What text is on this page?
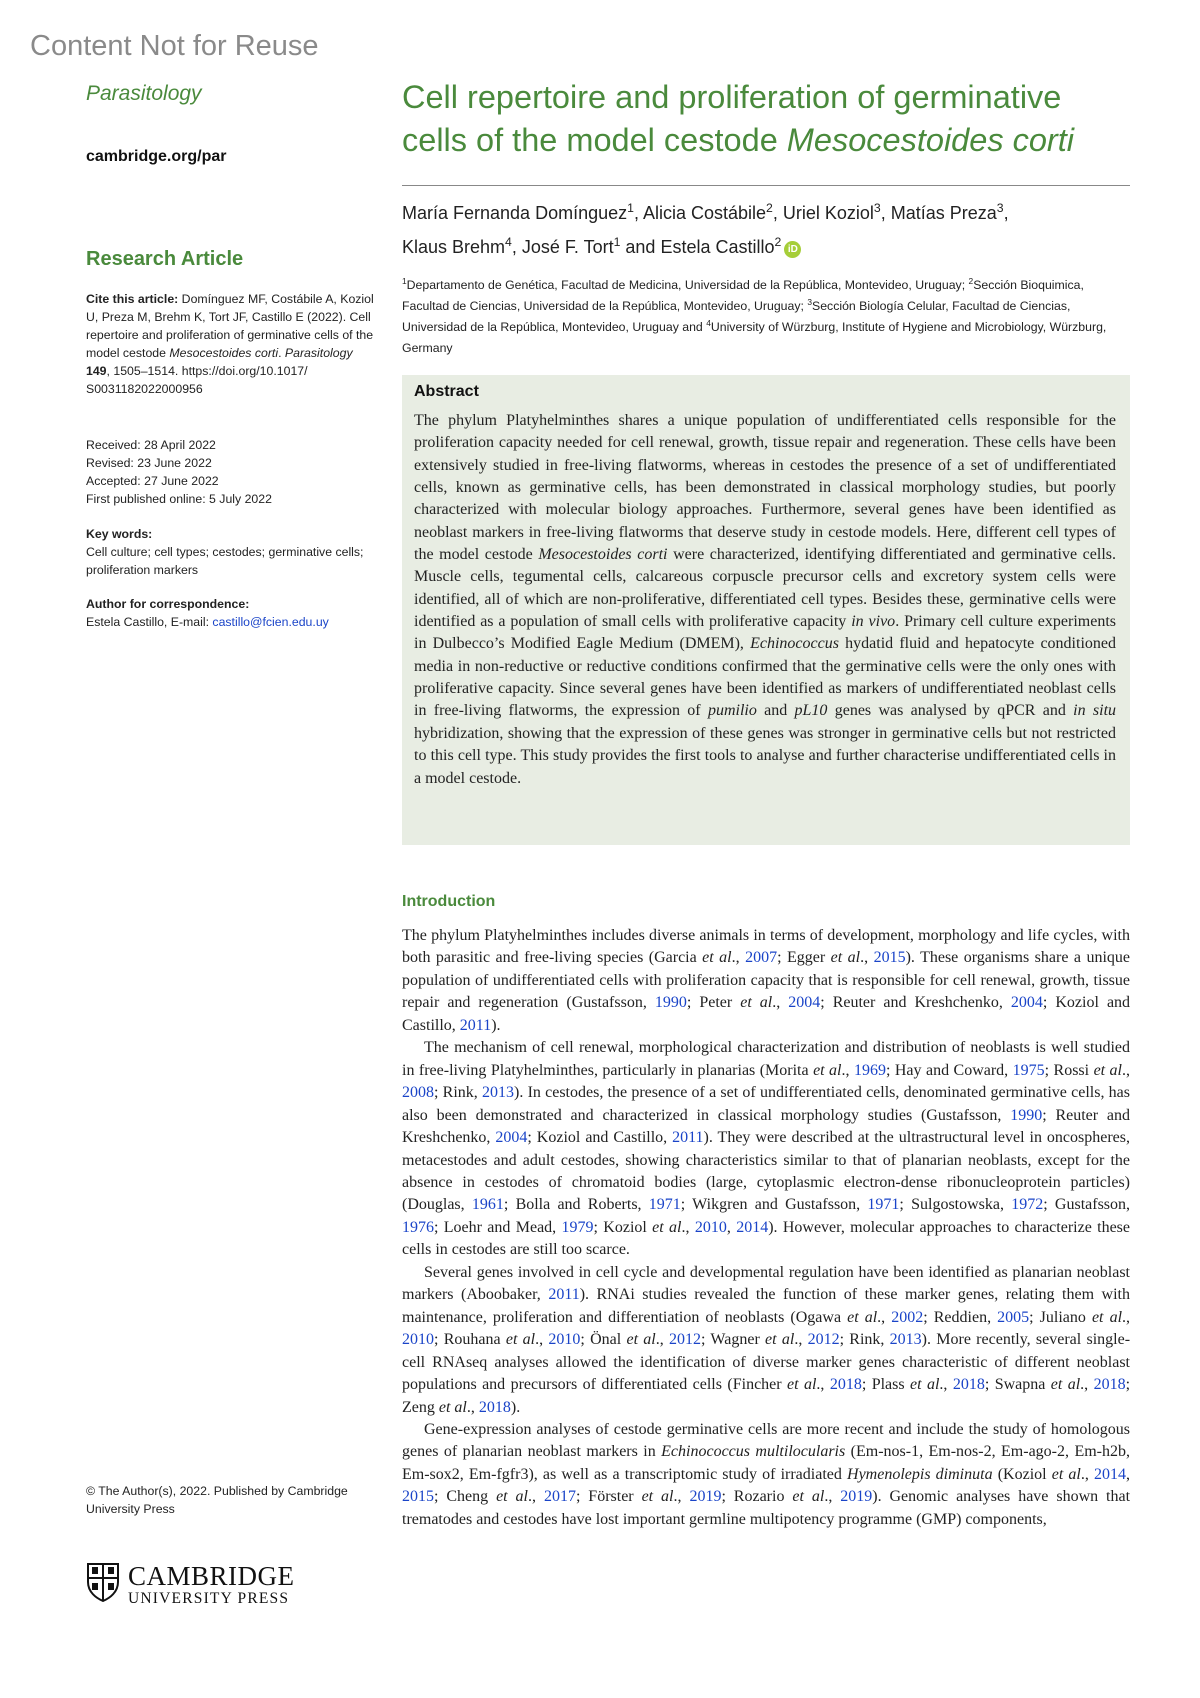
Content Not for Reuse
Parasitology
cambridge.org/par
Research Article

Cite this article: Domínguez MF, Costábile A, Koziol U, Preza M, Brehm K, Tort JF, Castillo E (2022). Cell repertoire and proliferation of germinative cells of the model cestode Mesocestoides corti. Parasitology 149, 1505–1514. https://doi.org/10.1017/ S0031182022000956

Received: 28 April 2022

Revised: 23 June 2022

Accepted: 27 June 2022

First published online: 5 July 2022

Key words:

Cell culture; cell types; cestodes; germinative cells; proliferation markers

Author for correspondence:

Estela Castillo, E-mail: castillo@fcien.edu.uy

© The Author(s), 2022. Published by Cambridge University Press
CAMBRIDGE
UNIVERSITY PRESS
Cell repertoire and proliferation of germinative cells of the model cestode Mesocestoides corti
María Fernanda Domínguez$^1$, Alicia Costábile$^2$, Uriel Koziol$^3$, Matías Preza$^3$,
Klaus Brehm$^4$, José F. Tort$^1$ and Estela Castillo$^2$iD
$^1$Departamento de Genética, Facultad de Medicina, Universidad de la República, Montevideo, Uruguay; $^2$Sección Bioquimica, Facultad de Ciencias, Universidad de la República, Montevideo, Uruguay; $^3$Sección Biología Celular, Facultad de Ciencias, Universidad de la República, Montevideo, Uruguay and $^4$University of Würzburg, Institute of Hygiene and Microbiology, Würzburg, Germany
Abstract

The phylum Platyhelminthes shares a unique population of undifferentiated cells responsible for the proliferation capacity needed for cell renewal, growth, tissue repair and regeneration. These cells have been extensively studied in free-living flatworms, whereas in cestodes the presence of a set of undifferentiated cells, known as germinative cells, has been demonstrated in classical morphology studies, but poorly characterized with molecular biology approaches. Furthermore, several genes have been identified as neoblast markers in free-living flatworms that deserve study in cestode models. Here, different cell types of the model cestode Mesocestoides corti were characterized, identifying differentiated and germinative cells. Muscle cells, tegumental cells, calcareous corpuscle precursor cells and excretory system cells were identified, all of which are non-proliferative, differentiated cell types. Besides these, germinative cells were identified as a population of small cells with proliferative capacity in vivo. Primary cell culture experiments in Dulbecco’s Modified Eagle Medium (DMEM), Echinococcus hydatid fluid and hepatocyte conditioned media in non-reductive or reductive conditions confirmed that the germinative cells were the only ones with proliferative capacity. Since several genes have been identified as markers of undifferentiated neoblast cells in free-living flatworms, the expression of pumilio and pL10 genes was analysed by qPCR and in situ hybridization, showing that the expression of these genes was stronger in germinative cells but not restricted to this cell type. This study provides the first tools to analyse and further characterise undifferentiated cells in a model cestode.

Introduction

The phylum Platyhelminthes includes diverse animals in terms of development, morphology and life cycles, with both parasitic and free-living species (Garcia et al., 2007; Egger et al., 2015). These organisms share a unique population of undifferentiated cells with proliferation capacity that is responsible for cell renewal, growth, tissue repair and regeneration (Gustafsson, 1990; Peter et al., 2004; Reuter and Kreshchenko, 2004; Koziol and Castillo, 2011).

The mechanism of cell renewal, morphological characterization and distribution of neoblasts is well studied in free-living Platyhelminthes, particularly in planarias (Morita et al., 1969; Hay and Coward, 1975; Rossi et al., 2008; Rink, 2013). In cestodes, the presence of a set of undifferentiated cells, denominated germinative cells, has also been demonstrated and characterized in classical morphology studies (Gustafsson, 1990; Reuter and Kreshchenko, 2004; Koziol and Castillo, 2011). They were described at the ultrastructural level in oncospheres, metacestodes and adult cestodes, showing characteristics similar to that of planarian neoblasts, except for the absence in cestodes of chromatoid bodies (large, cytoplasmic electron-dense ribonucleoprotein particles) (Douglas, 1961; Bolla and Roberts, 1971; Wikgren and Gustafsson, 1971; Sulgostowska, 1972; Gustafsson, 1976; Loehr and Mead, 1979; Koziol et al., 2010, 2014). However, molecular approaches to characterize these cells in cestodes are still too scarce.

Several genes involved in cell cycle and developmental regulation have been identified as planarian neoblast markers (Aboobaker, 2011). RNAi studies revealed the function of these marker genes, relating them with maintenance, proliferation and differentiation of neoblasts (Ogawa et al., 2002; Reddien, 2005; Juliano et al., 2010; Rouhana et al., 2010; Önal et al., 2012; Wagner et al., 2012; Rink, 2013). More recently, several single-cell RNAseq analyses allowed the identification of diverse marker genes characteristic of different neoblast populations and precursors of differentiated cells (Fincher et al., 2018; Plass et al., 2018; Swapna et al., 2018; Zeng et al., 2018).

Gene-expression analyses of cestode germinative cells are more recent and include the study of homologous genes of planarian neoblast markers in Echinococcus multilocularis (Em-nos-1, Em-nos-2, Em-ago-2, Em-h2b, Em-sox2, Em-fgfr3), as well as a transcriptomic study of irradiated Hymenolepis diminuta (Koziol et al., 2014, 2015; Cheng et al., 2017; Förster et al., 2019; Rozario et al., 2019). Genomic analyses have shown that trematodes and cestodes have lost important germline multipotency programme (GMP) components,
